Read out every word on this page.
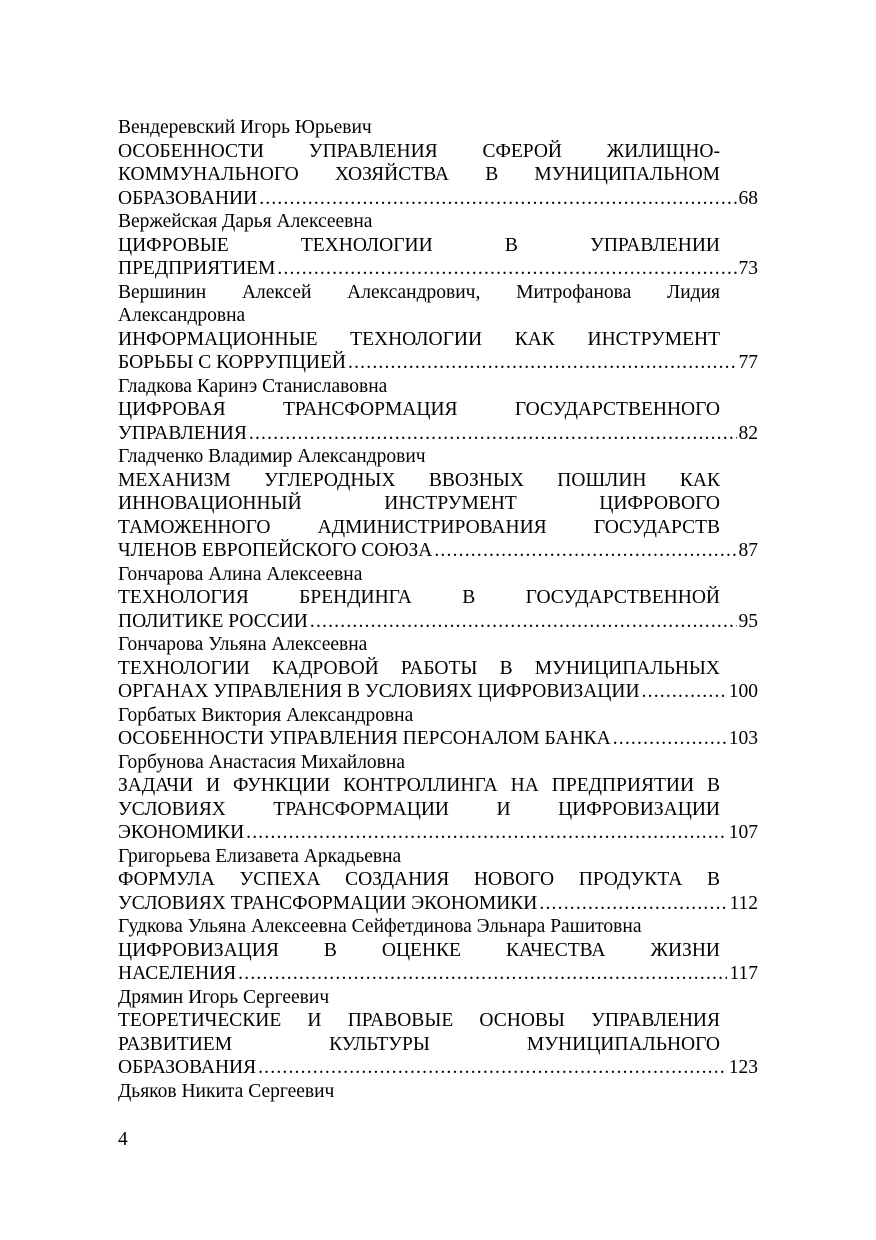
Вендеревский Игорь Юрьевич
ОСОБЕННОСТИ УПРАВЛЕНИЯ СФЕРОЙ ЖИЛИЩНО-
КОММУНАЛЬНОГО ХОЗЯЙСТВА В МУНИЦИПАЛЬНОМ
ОБРАЗОВАНИИ .....	68
Вержейская Дарья Алексеевна
ЦИФРОВЫЕ ТЕХНОЛОГИИ В УПРАВЛЕНИИ
ПРЕДПРИЯТИЕМ .....	73
Вершинин Алексей Александрович, Митрофанова Лидия
Александровна
ИНФОРМАЦИОННЫЕ ТЕХНОЛОГИИ КАК ИНСТРУМЕНТ
БОРЬБЫ С КОРРУПЦИЕЙ .....	77
Гладкова Каринэ Станиславовна
ЦИФРОВАЯ ТРАНСФОРМАЦИЯ ГОСУДАРСТВЕННОГО
УПРАВЛЕНИЯ .....	82
Гладченко Владимир Александрович
МЕХАНИЗМ УГЛЕРОДНЫХ ВВОЗНЫХ ПОШЛИН КАК
ИННОВАЦИОННЫЙ ИНСТРУМЕНТ ЦИФРОВОГО
ТАМОЖЕННОГО АДМИНИСТРИРОВАНИЯ ГОСУДАРСТВ
ЧЛЕНОВ ЕВРОПЕЙСКОГО СОЮЗА .....	87
Гончарова Алина Алексеевна
ТЕХНОЛОГИЯ БРЕНДИНГА В ГОСУДАРСТВЕННОЙ
ПОЛИТИКЕ РОССИИ .....	95
Гончарова Ульяна Алексеевна
ТЕХНОЛОГИИ КАДРОВОЙ РАБОТЫ В МУНИЦИПАЛЬНЫХ
ОРГАНАХ УПРАВЛЕНИЯ В УСЛОВИЯХ ЦИФРОВИЗАЦИИ .....	100
Горбатых Виктория Александровна
ОСОБЕННОСТИ УПРАВЛЕНИЯ ПЕРСОНАЛОМ БАНКА .....	103
Горбунова Анастасия Михайловна
ЗАДАЧИ И ФУНКЦИИ КОНТРОЛЛИНГА НА ПРЕДПРИЯТИИ В
УСЛОВИЯХ ТРАНСФОРМАЦИИ И ЦИФРОВИЗАЦИИ
ЭКОНОМИКИ .....	107
Григорьева Елизавета Аркадьевна
ФОРМУЛА УСПЕХА СОЗДАНИЯ НОВОГО ПРОДУКТА В
УСЛОВИЯХ ТРАНСФОРМАЦИИ ЭКОНОМИКИ .....	112
Гудкова Ульяна Алексеевна Сейфетдинова Эльнара Рашитовна
ЦИФРОВИЗАЦИЯ В ОЦЕНКЕ КАЧЕСТВА ЖИЗНИ
НАСЕЛЕНИЯ .....	117
Дрямин Игорь Сергеевич
ТЕОРЕТИЧЕСКИЕ И ПРАВОВЫЕ ОСНОВЫ УПРАВЛЕНИЯ
РАЗВИТИЕМ КУЛЬТУРЫ МУНИЦИПАЛЬНОГО
ОБРАЗОВАНИЯ .....	123
Дьяков Никита Сергеевич
4
